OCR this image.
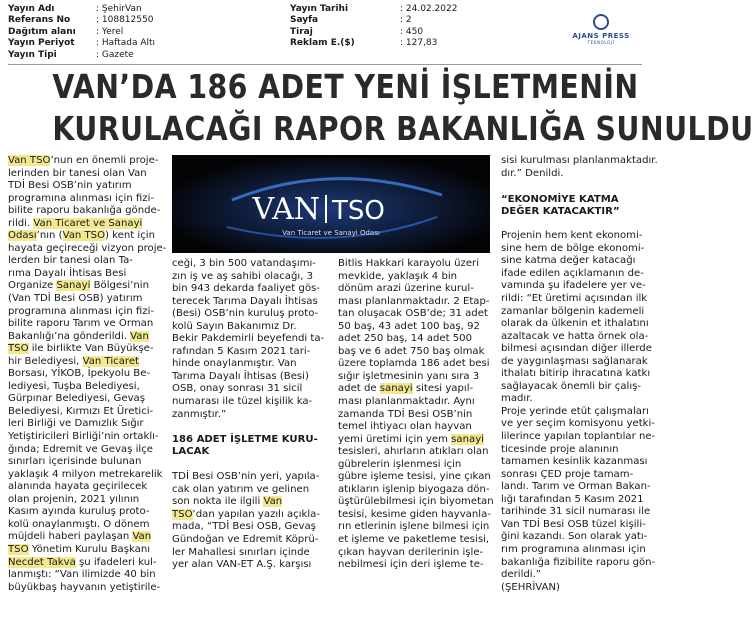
Yayın Adı	: ŞehirVan
Referans No	: 108812550
Dağıtım alanı : Yerel
Yayın Periyot : Haftada Altı
Yayın Tipi	: Gazete
Yayın Tarihi	: 24.02.2022
Sayfa	: 2
Tiraj	: 450
Reklam E.($)	: 127,83
AJANS PRESS
TEKNOLOJİ
VAN’DA 186 ADET YENİ İŞLETMENİN
KURULACAĞI RAPOR BAKANLIĞA SUNULDU
VAN TSO
Van Ticaret ve Sanayi Odası
Van TSO’nun en önemli proje-
lerinden bir tanesi olan Van
TDİ Besi OSB’nin yatırım
programına alınması için fizi-
bilite raporu bakanlığa gönde-
rildi. Van Ticaret ve Sanayi
Odası’nın (Van TSO) kent için
hayata geçireceği vizyon proje-
lerden bir tanesi olan Ta-
rıma Dayalı İhtisas Besi
Organize Sanayi Bölgesi’nin
(Van TDİ Besi OSB) yatırım
programına alınması için fizi-
bilite raporu Tarım ve Orman
Bakanlığı’na gönderildi. Van
TSO ile birlikte Van Büyükşe-
hir Belediyesi, Van Ticaret
Borsası, YİKOB, İpekyolu Be-
lediyesi, Tuşba Belediyesi,
Gürpınar Belediyesi, Gevaş
Belediyesi, Kırmızı Et Üretici-
leri Birliği ve Damızlık Sığır
Yetiştiricileri Birliği’nin ortaklı-
ğında; Edremit ve Gevaş ilçe
sınırları içerisinde bulunan
yaklaşık 4 milyon metrekarelik
alanında hayata geçirilecek
olan projenin, 2021 yılının
Kasım ayında kuruluş proto-
kolü onaylanmıştı. O dönem
müjdeli haberi paylaşan Van
TSO Yönetim Kurulu Başkanı
Necdet Takva şu ifadeleri kul-
lanmıştı: “Van ilimizde 40 bin
büyükbaş hayvanın yetiştirile-
ceği, 3 bin 500 vatandaşımı-
zın iş ve aş sahibi olacağı, 3
bin 943 dekarda faaliyet gös-
terecek Tarıma Dayalı İhtisas
(Besi) OSB’nin kuruluş proto-
kolü Sayın Bakanımız Dr.
Bekir Pakdemirli beyefendi ta-
rafından 5 Kasım 2021 tari-
hinde onaylanmıştır. Van
Tarıma Dayalı İhtisas (Besi)
OSB, onay sonrası 31 sicil
numarası ile tüzel kişilik ka-
zanmıştır.”
186 ADET İŞLETME KURU-
LACAK
TDİ Besi OSB’nin yeri, yapıla-
cak olan yatırım ve gelinen
son nokta ile ilgili Van
TSO’dan yapılan yazılı açıkla-
mada, “TDİ Besi OSB, Gevaş
Gündoğan ve Edremit Köprü-
ler Mahallesi sınırları içinde
yer alan VAN-ET A.Ş. karşısı
Bitlis Hakkari karayolu üzeri
mevkide, yaklaşık 4 bin
dönüm arazi üzerine kurul-
ması planlanmaktadır. 2 Etap-
tan oluşacak OSB’de; 31 adet
50 baş, 43 adet 100 baş, 92
adet 250 baş, 14 adet 500
baş ve 6 adet 750 baş olmak
üzere toplamda 186 adet besi
sığır işletmesinin yanı sıra 3
adet de sanayi sitesi yapıl-
ması planlanmaktadır. Aynı
zamanda TDİ Besi OSB’nin
temel ihtiyacı olan hayvan
yemi üretimi için yem sanayi
tesisleri, ahırların atıkları olan
gübrelerin işlenmesi için
gübre işleme tesisi, yine çıkan
atıkların işlenip biyogaza dön-
üştürülebilmesi için biyometan
tesisi, kesime giden hayvanla-
rın etlerinin işlene bilmesi için
et işleme ve paketleme tesisi,
çıkan hayvan derilerinin işle-
nebilmesi için deri işleme te-
sisi kurulması planlanmaktadır.
dır.” Denildi.
“EKONOMİYE KATMA
DEĞER KATACAKTIR”
Projenin hem kent ekonomi-
sine hem de bölge ekonomi-
sine katma değer katacağı
ifade edilen açıklamanın de-
vamında şu ifadelere yer ve-
rildi: “Et üretimi açısından ilk
zamanlar bölgenin kademeli
olarak da ülkenin et ithalatını
azaltacak ve hatta örnek ola-
bilmesi açısından diğer illerde
de yaygınlaşması sağlanarak
ithalatı bitirip ihracatına katkı
sağlayacak önemli bir çalış-
madır.
Proje yerinde etüt çalışmaları
ve yer seçim komisyonu yetki-
lilerince yapılan toplantılar ne-
ticesinde proje alanının
tamamen kesinlik kazanması
sonrası ÇED proje tamam-
landı. Tarım ve Orman Bakan-
lığı tarafından 5 Kasım 2021
tarihinde 31 sicil numarası ile
Van TDİ Besi OSB tüzel kişili-
ğini kazandı. Son olarak yatı-
rım programına alınması için
bakanlığa fizibilite raporu gön-
derildi.”
(ŞEHRİVAN)
